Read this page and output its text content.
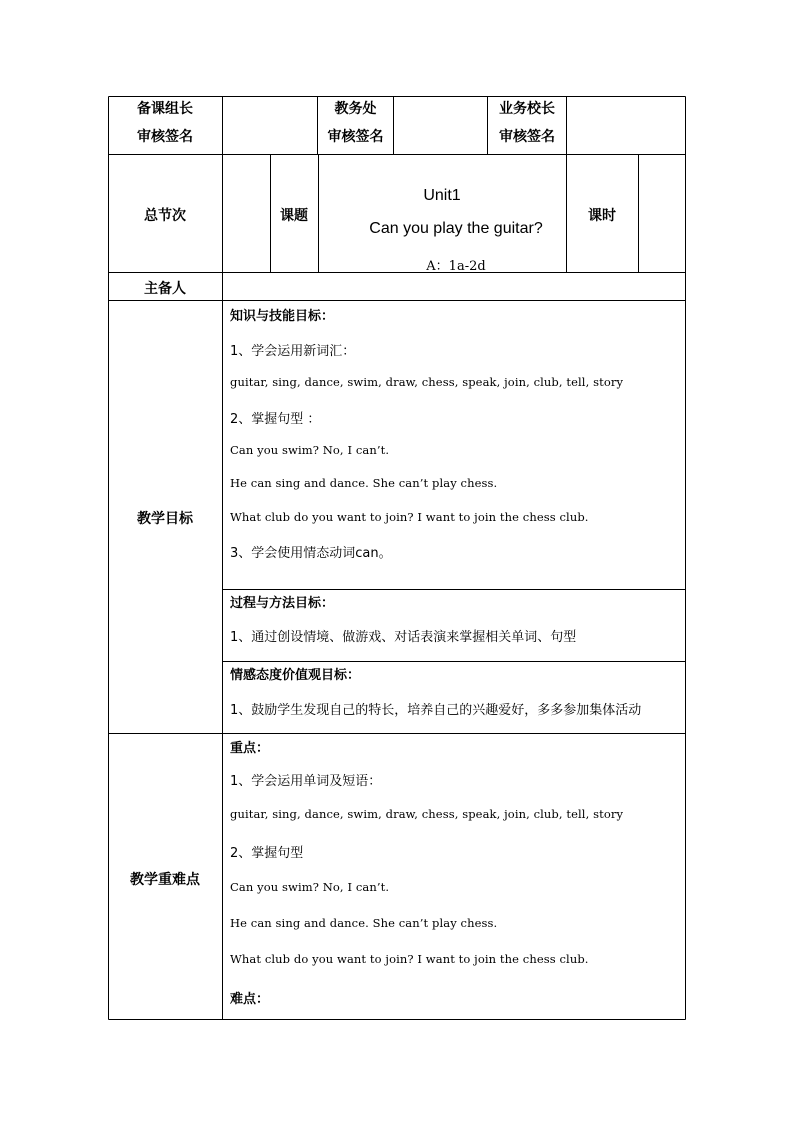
备课组长
审核签名
教务处
审核签名
业务校长
审核签名
总节次	课题
Unit1
Can you play the guitar?
A：1a-2d
课时
主备人
教学目标
知识与技能目标：
1、学会运用新词汇：
guitar, sing, dance, swim, draw, chess, speak, join, club, tell, story
2、掌握句型 ：
Can you swim? No, I can’t.
He can sing and dance. She can’t play chess.
What club do you want to join? I want to join the chess club.
3、学会使用情态动词can。
过程与方法目标：
1、通过创设情境、做游戏、对话表演来掌握相关单词、句型
情感态度价值观目标：
1、鼓励学生发现自己的特长，培养自己的兴趣爱好，多多参加集体活动
教学重难点
重点：
1、学会运用单词及短语：
guitar, sing, dance, swim, draw, chess, speak, join, club, tell, story
2、掌握句型
Can you swim? No, I can’t.
He can sing and dance. She can’t play chess.
What club do you want to join? I want to join the chess club.
难点：
